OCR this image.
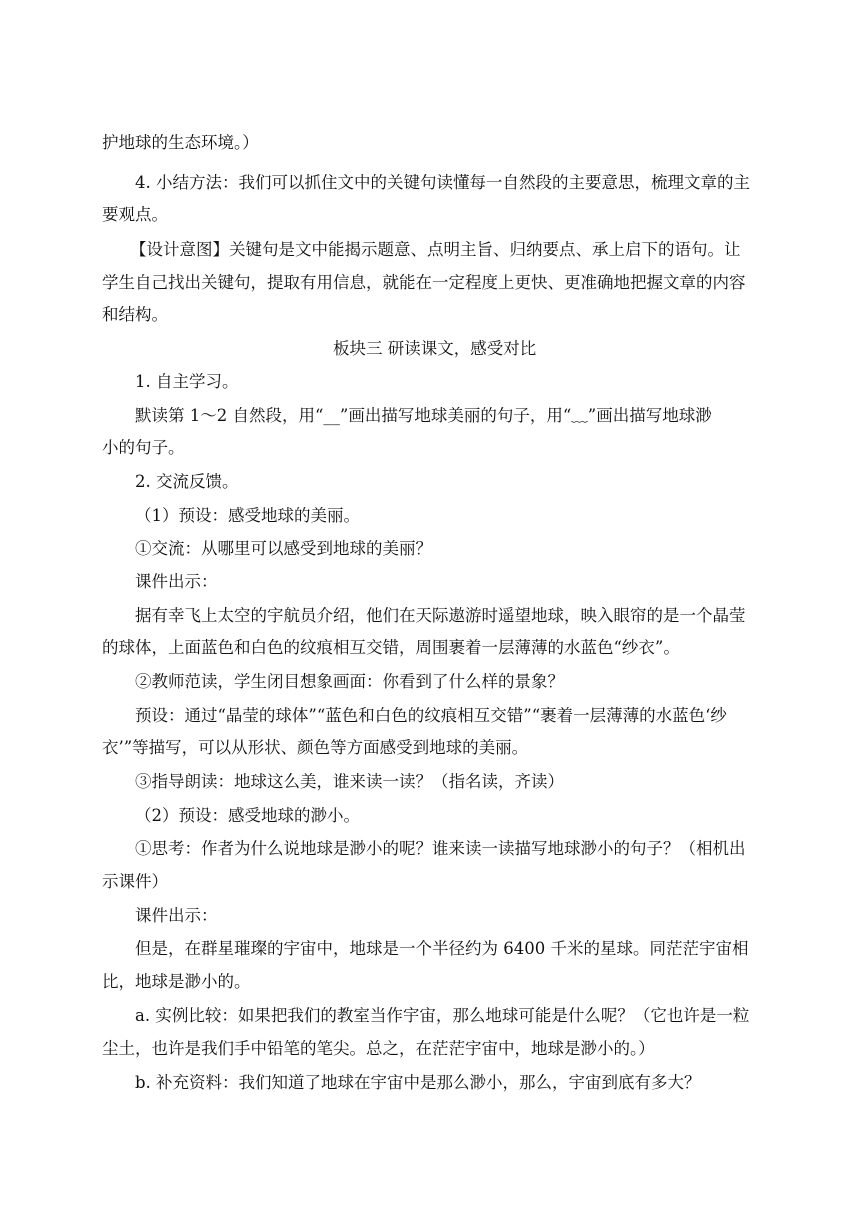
护地球的生态环境。）
4. 小结方法：我们可以抓住文中的关键句读懂每一自然段的主要意思，梳理文章的主
要观点。
【设计意图】关键句是文中能揭示题意、点明主旨、归纳要点、承上启下的语句。让
学生自己找出关键句，提取有用信息，就能在一定程度上更快、更准确地把握文章的内容
和结构。
板块三 研读课文，感受对比
1. 自主学习。
默读第 1～2 自然段，用“__”画出描写地球美丽的句子，用“﹏”画出描写地球渺
小的句子。
2. 交流反馈。
（1）预设：感受地球的美丽。
①交流：从哪里可以感受到地球的美丽？
课件出示：
据有幸飞上太空的宇航员介绍，他们在天际遨游时遥望地球，映入眼帘的是一个晶莹
的球体，上面蓝色和白色的纹痕相互交错，周围裹着一层薄薄的水蓝色“纱衣”。
②教师范读，学生闭目想象画面：你看到了什么样的景象？
预设：通过“晶莹的球体”“蓝色和白色的纹痕相互交错”“裹着一层薄薄的水蓝色‘纱
衣’”等描写，可以从形状、颜色等方面感受到地球的美丽。
③指导朗读：地球这么美，谁来读一读？（指名读，齐读）
（2）预设：感受地球的渺小。
①思考：作者为什么说地球是渺小的呢？谁来读一读描写地球渺小的句子？（相机出
示课件）
课件出示：
但是，在群星璀璨的宇宙中，地球是一个半径约为 6400 千米的星球。同茫茫宇宙相
比，地球是渺小的。
a. 实例比较：如果把我们的教室当作宇宙，那么地球可能是什么呢？（它也许是一粒
尘土，也许是我们手中铅笔的笔尖。总之，在茫茫宇宙中，地球是渺小的。）
b. 补充资料：我们知道了地球在宇宙中是那么渺小，那么，宇宙到底有多大？
